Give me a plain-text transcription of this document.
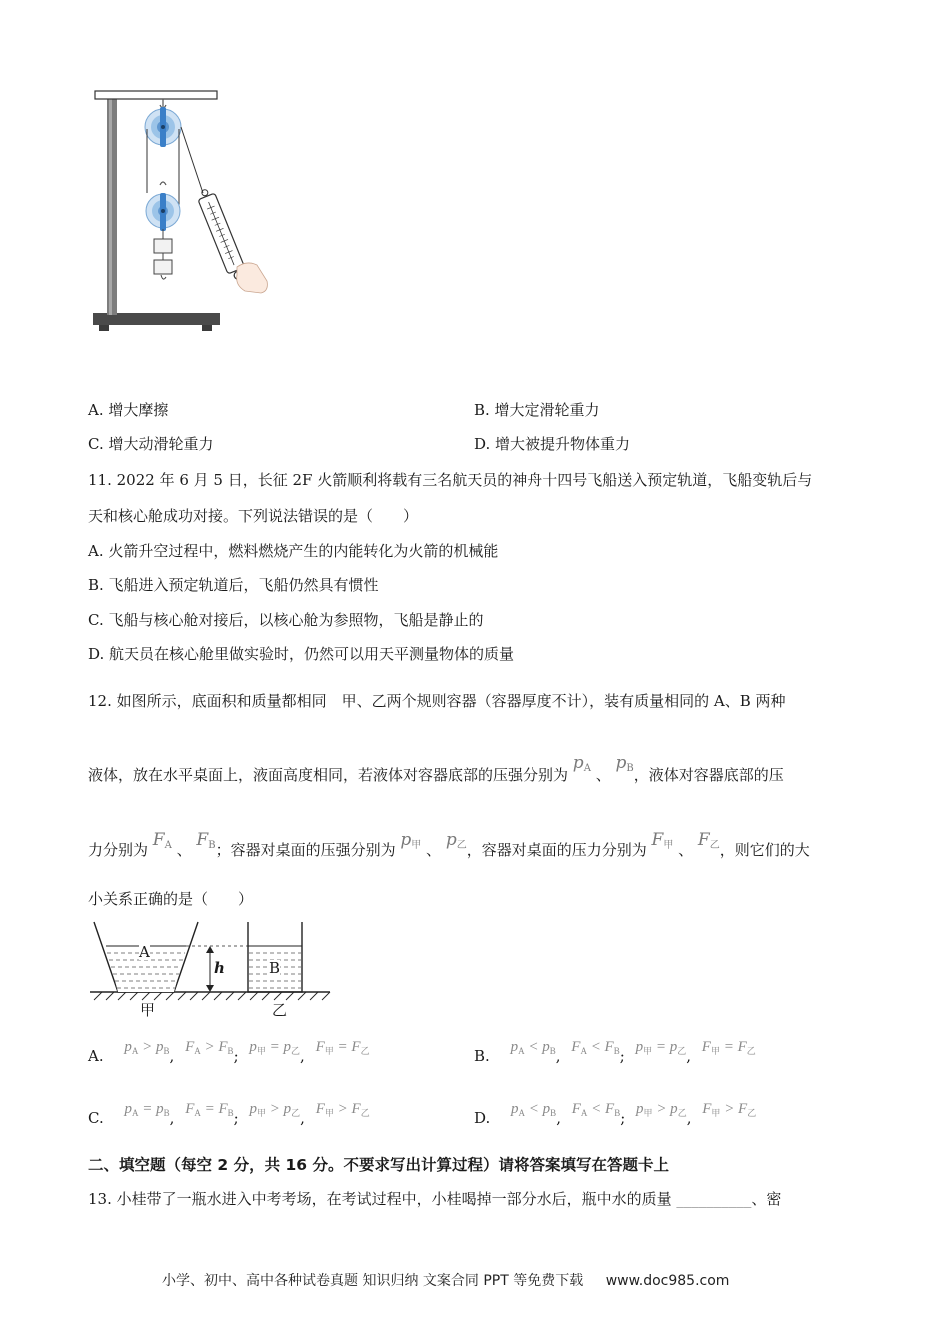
A. 增大摩擦	B. 增大定滑轮重力
C. 增大动滑轮重力	D. 增大被提升物体重力
11. 2022 年 6 月 5 日，长征 2F 火箭顺利将载有三名航天员的神舟十四号飞船送入预定轨道，飞船变轨后与
天和核心舱成功对接。下列说法错误的是（　　）
A. 火箭升空过程中，燃料燃烧产生的内能转化为火箭的机械能
B. 飞船进入预定轨道后，飞船仍然具有惯性
C. 飞船与核心舱对接后，以核心舱为参照物，飞船是静止的
D. 航天员在核心舱里做实验时，仍然可以用天平测量物体的质量
12. 如图所示，底面积和质量都相同　甲、乙两个规则容器（容器厚度不计），装有质量相同的 A、B 两种
液体，放在水平桌面上，液面高度相同，若液体对容器底部的压强分别为 $p_A$ 、 $p_B$，液体对容器底部的压
力分别为 $F_A$ 、 $F_B$；容器对桌面的压强分别为 $p_甲$ 、 $p_乙$，容器对桌面的压力分别为 $F_甲$ 、 $F_乙$，则它们的大
小关系正确的是（　　）
A
h	B
甲	乙
A. $p_A > p_B$, $F_A > F_B$; $p_甲 = p_乙$, $F_甲 = F_乙$	B. $p_A < p_B$, $F_A < F_B$; $p_甲 = p_乙$, $F_甲 = F_乙$
C. $p_A = p_B$, $F_A = F_B$; $p_甲 > p_乙$, $F_甲 > F_乙$	D. $p_A < p_B$, $F_A < F_B$; $p_甲 > p_乙$, $F_甲 > F_乙$
二、填空题（每空 2 分，共 16 分。不要求写出计算过程）请将答案填写在答题卡上
13. 小桂带了一瓶水进入中考考场，在考试过程中，小桂喝掉一部分水后，瓶中水的质量 __________、密
小学、初中、高中各种试卷真题 知识归纳 文案合同 PPT 等免费下载 www.doc985.com
